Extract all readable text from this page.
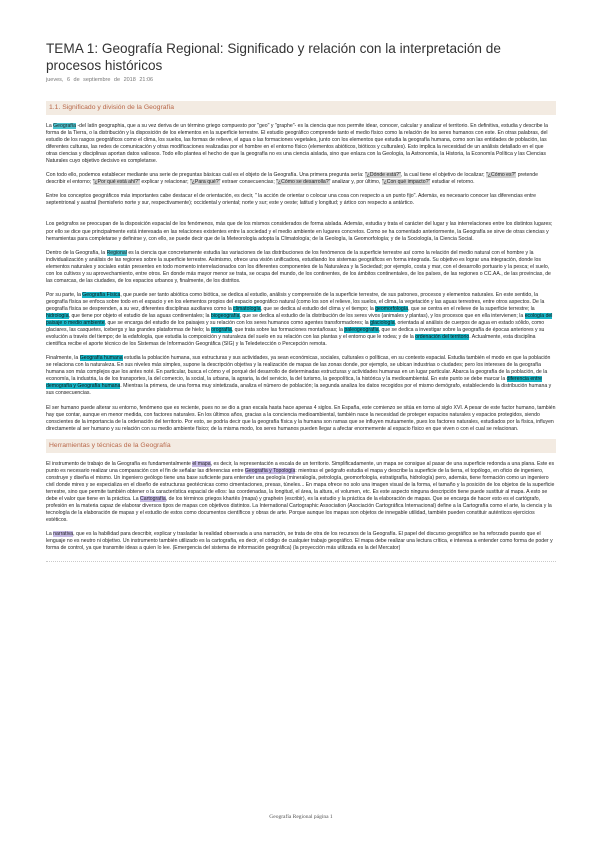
TEMA 1: Geografía Regional: Significado y relación con la interpretación de procesos históricos
jueves, 6 de septiembre de 2018 21:06
1.1. Significado y división de la Geografía

La Geografía -del latín geographia, que a su vez deriva de un término griego compuesto por "geo" y "graphe"- es la ciencia que nos permite idear, conocer, calcular y analizar el territorio. En definitiva, estudia y describe la forma de la Tierra, o la distribución y la disposición de los elementos en la superficie terrestre. El estudio geográfico comprende tanto el medio físico como la relación de los seres humanos con este. En otras palabras, del estudio de los rasgos geográficos como el clima, los suelos, las formas de relieve, el agua o las formaciones vegetales, junto con los elementos que estudia la geografía humana, como son las entidades de población, las diferentes culturas, las redes de comunicación y otras modificaciones realizadas por el hombre en el entorno físico (elementos abióticos, bióticos y culturales). Esto implica la necesidad de un análisis detallado en el que otras ciencias y disciplinas aportan datos valiosos. Todo ello plantea el hecho de que la geografía no es una ciencia aislada, sino que enlaza con la Geología, la Astronomía, la Historia, la Economía Política y las Ciencias Naturales cuyo objetivo decisivo es completarse.

Con todo ello, podemos establecer mediante una serie de preguntas básicas cuál es el objeto de la Geografía. Una primera pregunta sería: "¿Dónde está?", la cual tiene el objetivo de localizar; "¿Cómo es?" pretende describir el entorno; "¿Por qué está ahí?" explicar y relacionar; "¿Para qué?" extraer consecuencias; "¿Cómo se desarrolla?" analizar y, por último, "¿Con qué impacto?" estudiar el retorno.

Entre los conceptos geográficos más importantes cabe destacar el de orientación, es decir, " la acción de orientar o colocar una cosa con respecto a un punto fijo". Además, es necesario conocer las diferencias entre septentrional y austral (hemisferio norte y sur, respectivamente); occidental y oriental; norte y sur; este y oeste; latitud y longitud; y ártico con respecto a antártico.

Los geógrafos se preocupan de la disposición espacial de los fenómenos, más que de los mismos considerados de forma aislada. Además, estudia y trata el carácter del lugar y las interrelaciones entre los distintos lugares; por ello se dice que principalmente está interesada en las relaciones existentes entre la sociedad y el medio ambiente en lugares concretos. Como se ha comentado anteriormente, la Geografía se sirve de otras ciencias y herramientas para completarse y definirse y, con ello, se puede decir que de la Meteorología adopta la Climatología; de la Geología, la Geomorfología; y de la Sociología, la Ciencia Social.

Dentro de la Geografía, la Regional es la ciencia que concretamente estudia las variaciones de las distribuciones de los fenómenos de la superficie terrestre así como la relación del medio natural con el hombre y la individualización y análisis de las regiones sobre la superficie terrestre. Asimismo, ofrece una visión unificadora, estudiando los sistemas geográficos en forma integrada. Su objetivo es lograr una integración, donde los elementos naturales y sociales están presentes en todo momento interrelacionados con los diferentes componentes de la Naturaleza y la Sociedad; por ejemplo, costa y mar, con el desarrollo portuario y la pesca; el suelo, con los cultivos y su aprovechamiento, entre otros. En donde más mayor menor se trata, se ocupa del mundo, de los continentes, de los ámbitos continentales, de los países, de las regiones o CC.AA., de las provincias, de las comarcas, de las ciudades, de los espacios urbanos y, finalmente, de los distritos.

Por su parte, la Geografía Física, que puede ser tanto abiótica como biótica, se dedica al estudio, análisis y comprensión de la superficie terrestre, de sus patrones, procesos y elementos naturales. En este sentido, la geografía física se enfoca sobre todo en el espacio y en los elementos propios del espacio geográfico natural (como los son el relieve, los suelos, el clima, la vegetación y las aguas terrestres, entre otros aspectos. De la geografía física se desprenden, a su vez, diferentes disciplinas auxiliares como la climatología, que se dedica al estudio del clima y el tiempo; la geomorfología, que se centra en el relieve de la superficie terrestre; la hidrología, que tiene por objeto el estudio de las aguas continentales; la biogeografía, que se dedica al estudio de la distribución de los seres vivos (animales y plantas), y los procesos que en ella intervienen; la ecología del paisaje o medio ambiente, que se encarga del estudio de los paisajes y su relación con los seres humanos como agentes transformadores; la glaciología, orientada al análisis de cuerpos de agua en estado sólido, como glaciares, las casquetes, icebergs y las grandes plataformas de hielo; la orografía, que trata sobre las formaciones montañosas; la paleogeografía, que se dedica a investigar sobre la geografía de épocas anteriores y su evolución a través del tiempo; de la edafología, que estudia la composición y naturaleza del suelo en su relación con las plantas y el entorno que le rodea; y de la ordenación del territorio. Actualmente, esta disciplina científica recibe el aporte técnico de los Sistemas de Información Geográfica (SIG) y la Teledetección o Percepción remota.

Finalmente, la Geografía humana estudia la población humana, sus estructuras y sus actividades, ya sean económicas, sociales, culturales o políticas, en su contexto espacial. Estudia también el modo en que la población se relaciona con la naturaleza. En sus niveles más simples, supone la descripción objetiva y la realización de mapas de las zonas donde, por ejemplo, se ubican industrias o ciudades; pero los intereses de la geografía humana son más complejos que los antes noté. En particular, busca el cómo y el porqué del desarrollo de determinadas estructuras y actividades humanas en un lugar particular. Abarca la geografía de la población, de la economía, la industria, la de los transportes, la del comercio, la social, la urbana, la agraria, la del servicio, la del turismo, la geopolítica, la histórica y la medioambiental. En este punto se debe marcar la diferencia entre demografía y Geografía humana. Mientras la primera, de una forma muy sintetizada, analiza el número de población; la segunda analiza los datos recogidos por el mismo demógrafo, estableciendo la distribución humana y sus consecuencias.

El ser humano puede alterar su entorno, fenómeno que es reciente, pues no se dio a gran escala hasta hace apenas 4 siglos. En España, este comienzo se sitúa en torno al siglo XVI. A pesar de este factor humano, también hay que contar, aunque en menor medida, con factores naturales. En los últimos años, gracias a la conciencia medioambiental, también nace la necesidad de proteger espacios naturales y espacios protegidos, siendo conscientes de la importancia de la ordenación del territorio. Por esto, se podría decir que la geografía física y la humana son ramas que se influyen mutuamente, pues los factores naturales, estudiados por la física, influyen directamente al ser humano y su relación con su medio ambiente físico; de la misma modo, los seres humanos pueden llegar a afectar enormemente al espacio físico en que viven o con el cual se relacionan.

Herramientas y técnicas de la Geografía

El instrumento de trabajo de la Geografía es fundamentalmente el mapa, es decir, la representación a escala de un territorio. Simplificadamente, un mapa se consigue al pasar de una superficie redonda a una plana. Este es punto es necesario realizar una comparación con el fin de señalar las diferencias entre Geografía y Topología: mientras el geógrafo estudia el mapa y describe la superficie de la tierra, el topólogo, en oficio de ingeniero, construye y diseña el mismo. Un ingeniero geólogo tiene una base suficiente para entender una geología (mineralogía, petrología, geomorfología, estratigrafía, hidrología) pero, además, tiene formación como un ingeniero civil donde mires y se especializa en el diseño de estructuras geotécnicas como cimentaciones, presas, túneles... En mapa ofrece no solo una imagen visual de la forma, el tamaño y la posición de los objetos de la superficie terrestre, sino que permite también obtener o la característica espacial de ellos: las coordenadas, la longitud, el área, la altura, el volumen, etc. Es este aspecto ninguna descripción tiene puede sustituir al mapa. A esto se debe el valor que tiene en la práctica. La Cartografía, de los términos griegos khartēs (mapa) y graphein (escribir), es la estudio y la práctica de la elaboración de mapas. Que se encarga de hacer esto es el cartógrafo, profesión en la materia capaz de elaborar diversos tipos de mapas con objetivos distintos. La International Cartographic Association (Asociación Cartográfica Internacional) define a la Cartografía como el arte, la ciencia y la tecnología de la elaboración de mapas y el estudio de estos como documentos científicos y obras de arte. Porque aunque los mapas son objetos de innegable utilidad, también pueden constituir auténticos ejercicios estéticos.

La narrativa, que es la habilidad para describir, explicar y trasladar la realidad observada a una narración, se trata de otra de los recursos de la Geografía. El papel del discurso geográfico se ha reforzado puesto que el lenguaje no es neutro ni objetivo. Un instrumento también utilizado es la cartografía, es decir, el código de cualquier trabajo geográfico. El mapa debe realizar una lectura crítica, e interesa a entender como forma de poder y forma de control, ya que transmite ideas a quien lo lee. (Emergencia del sistema de información geográfica) (la proyección más utilizada es la del Mercator)

Geografía Regional página 1
